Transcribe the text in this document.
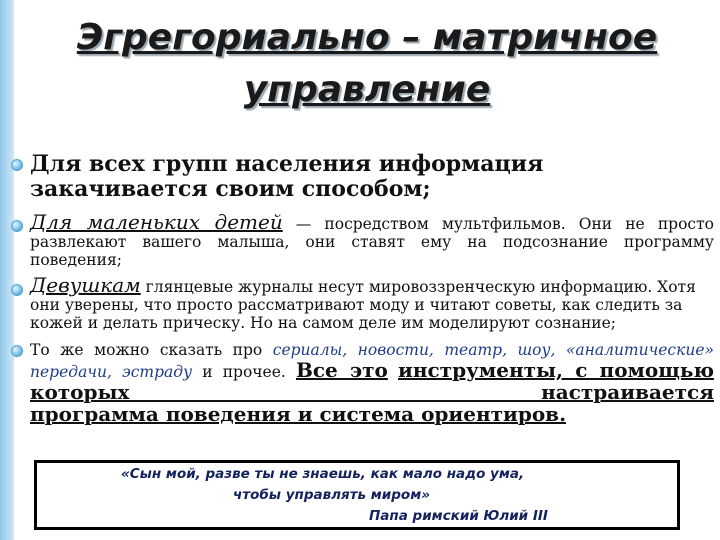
Эгрегориально – матричное управление
Для всех групп населения информация закачивается своим способом;
Для маленьких детей — посредством мультфильмов. Они не просто развлекают вашего малыша, они ставят ему на подсознание программу поведения;
Девушкам глянцевые журналы несут мировоззренческую информацию. Хотя они уверены, что просто рассматривают моду и читают советы, как следить за кожей и делать прическу. Но на самом деле им моделируют сознание;
То же можно сказать про сериалы, новости, театр, шоу, «аналитические» передачи, эстраду и прочее. Все это инструменты, с помощью которых настраивается
программа поведения и система ориентиров.
«Сын мой, разве ты не знаешь, как мало надо ума,
чтобы управлять миром»
Папа римский Юлий III
